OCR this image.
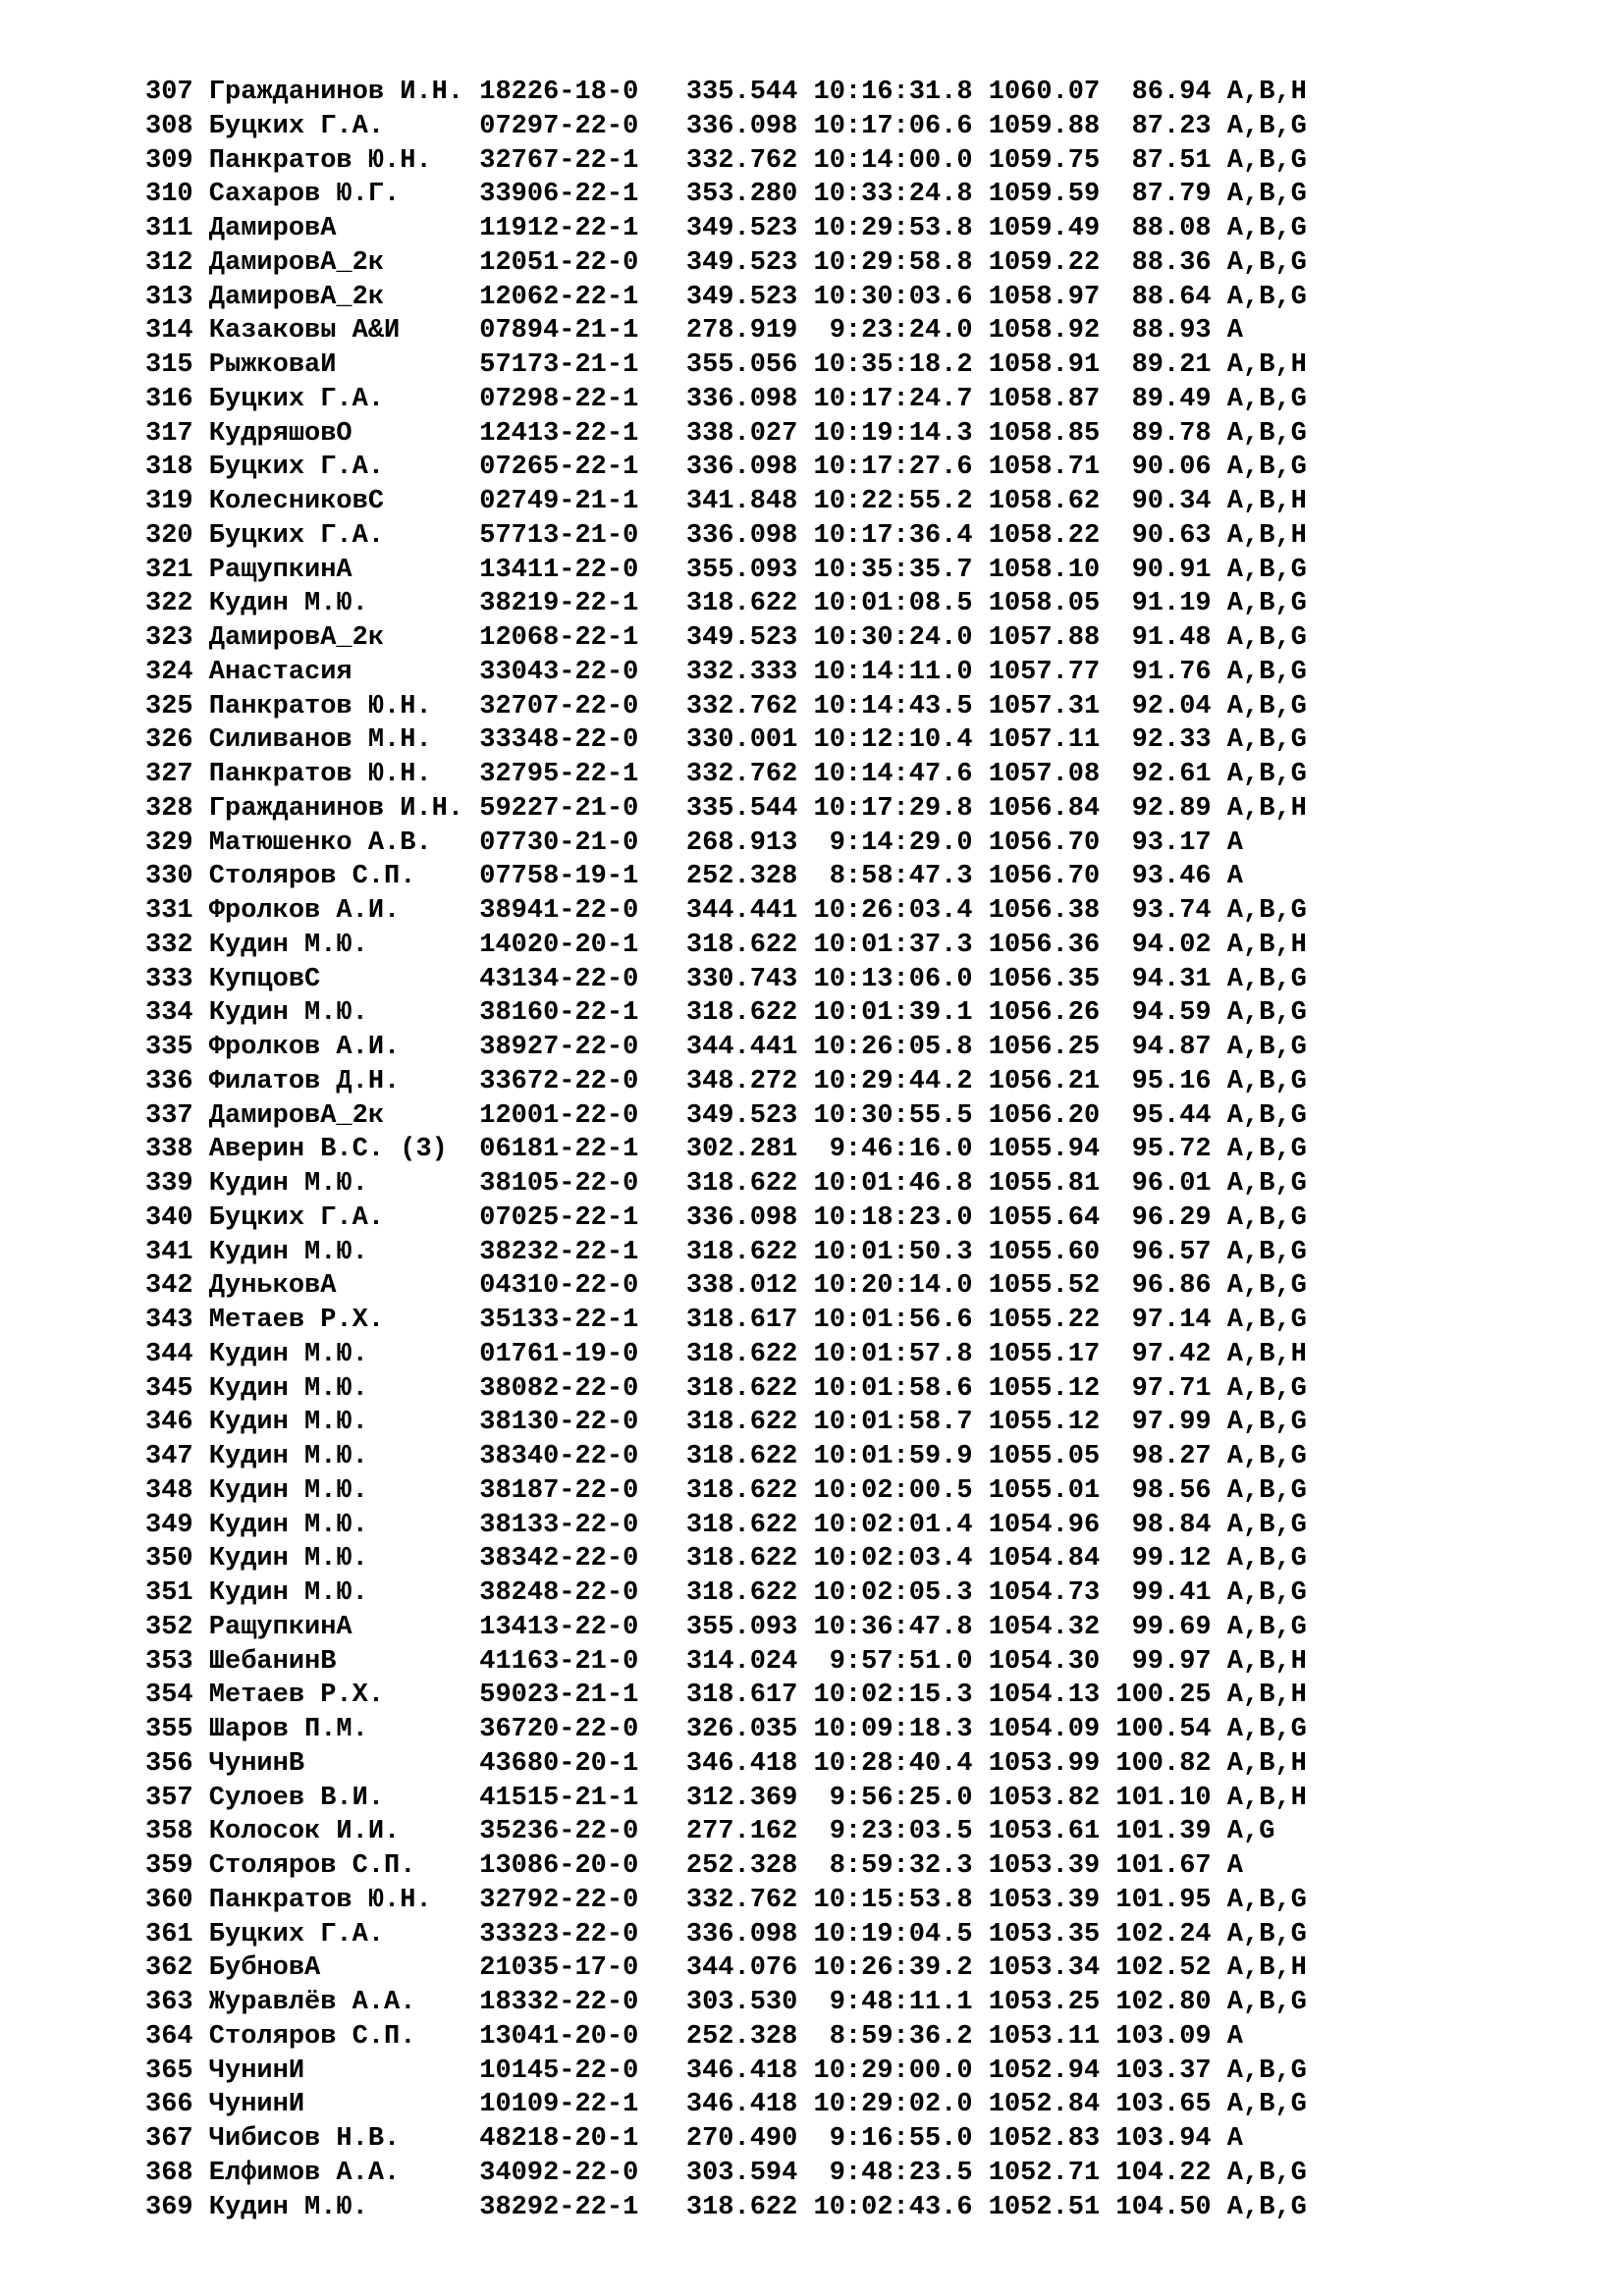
307 Гражданинов И.Н. 18226-18-0   335.544 10:16:31.8 1060.07  86.94 A,B,H
308 Буцких Г.А.      07297-22-0   336.098 10:17:06.6 1059.88  87.23 A,B,G
309 Панкратов Ю.Н.   32767-22-1   332.762 10:14:00.0 1059.75  87.51 A,B,G
310 Сахаров Ю.Г.     33906-22-1   353.280 10:33:24.8 1059.59  87.79 A,B,G
311 ДамировА         11912-22-1   349.523 10:29:53.8 1059.49  88.08 A,B,G
312 ДамировА_2к      12051-22-0   349.523 10:29:58.8 1059.22  88.36 A,B,G
313 ДамировА_2к      12062-22-1   349.523 10:30:03.6 1058.97  88.64 A,B,G
314 Казаковы А&И     07894-21-1   278.919  9:23:24.0 1058.92  88.93 A
315 РыжковаИ         57173-21-1   355.056 10:35:18.2 1058.91  89.21 A,B,H
316 Буцких Г.А.      07298-22-1   336.098 10:17:24.7 1058.87  89.49 A,B,G
317 КудряшовО        12413-22-1   338.027 10:19:14.3 1058.85  89.78 A,B,G
318 Буцких Г.А.      07265-22-1   336.098 10:17:27.6 1058.71  90.06 A,B,G
319 КолесниковС      02749-21-1   341.848 10:22:55.2 1058.62  90.34 A,B,H
320 Буцких Г.А.      57713-21-0   336.098 10:17:36.4 1058.22  90.63 A,B,H
321 РащупкинА        13411-22-0   355.093 10:35:35.7 1058.10  90.91 A,B,G
322 Кудин М.Ю.       38219-22-1   318.622 10:01:08.5 1058.05  91.19 A,B,G
323 ДамировА_2к      12068-22-1   349.523 10:30:24.0 1057.88  91.48 A,B,G
324 Анастасия        33043-22-0   332.333 10:14:11.0 1057.77  91.76 A,B,G
325 Панкратов Ю.Н.   32707-22-0   332.762 10:14:43.5 1057.31  92.04 A,B,G
326 Силиванов М.Н.   33348-22-0   330.001 10:12:10.4 1057.11  92.33 A,B,G
327 Панкратов Ю.Н.   32795-22-1   332.762 10:14:47.6 1057.08  92.61 A,B,G
328 Гражданинов И.Н. 59227-21-0   335.544 10:17:29.8 1056.84  92.89 A,B,H
329 Матюшенко А.В.   07730-21-0   268.913  9:14:29.0 1056.70  93.17 A
330 Столяров С.П.    07758-19-1   252.328  8:58:47.3 1056.70  93.46 A
331 Фролков А.И.     38941-22-0   344.441 10:26:03.4 1056.38  93.74 A,B,G
332 Кудин М.Ю.       14020-20-1   318.622 10:01:37.3 1056.36  94.02 A,B,H
333 КупцовС          43134-22-0   330.743 10:13:06.0 1056.35  94.31 A,B,G
334 Кудин М.Ю.       38160-22-1   318.622 10:01:39.1 1056.26  94.59 A,B,G
335 Фролков А.И.     38927-22-0   344.441 10:26:05.8 1056.25  94.87 A,B,G
336 Филатов Д.Н.     33672-22-0   348.272 10:29:44.2 1056.21  95.16 A,B,G
337 ДамировА_2к      12001-22-0   349.523 10:30:55.5 1056.20  95.44 A,B,G
338 Аверин В.С. (3)  06181-22-1   302.281  9:46:16.0 1055.94  95.72 A,B,G
339 Кудин М.Ю.       38105-22-0   318.622 10:01:46.8 1055.81  96.01 A,B,G
340 Буцких Г.А.      07025-22-1   336.098 10:18:23.0 1055.64  96.29 A,B,G
341 Кудин М.Ю.       38232-22-1   318.622 10:01:50.3 1055.60  96.57 A,B,G
342 ДуньковА         04310-22-0   338.012 10:20:14.0 1055.52  96.86 A,B,G
343 Метаев Р.Х.      35133-22-1   318.617 10:01:56.6 1055.22  97.14 A,B,G
344 Кудин М.Ю.       01761-19-0   318.622 10:01:57.8 1055.17  97.42 A,B,H
345 Кудин М.Ю.       38082-22-0   318.622 10:01:58.6 1055.12  97.71 A,B,G
346 Кудин М.Ю.       38130-22-0   318.622 10:01:58.7 1055.12  97.99 A,B,G
347 Кудин М.Ю.       38340-22-0   318.622 10:01:59.9 1055.05  98.27 A,B,G
348 Кудин М.Ю.       38187-22-0   318.622 10:02:00.5 1055.01  98.56 A,B,G
349 Кудин М.Ю.       38133-22-0   318.622 10:02:01.4 1054.96  98.84 A,B,G
350 Кудин М.Ю.       38342-22-0   318.622 10:02:03.4 1054.84  99.12 A,B,G
351 Кудин М.Ю.       38248-22-0   318.622 10:02:05.3 1054.73  99.41 A,B,G
352 РащупкинА        13413-22-0   355.093 10:36:47.8 1054.32  99.69 A,B,G
353 ШебанинВ         41163-21-0   314.024  9:57:51.0 1054.30  99.97 A,B,H
354 Метаев Р.Х.      59023-21-1   318.617 10:02:15.3 1054.13 100.25 A,B,H
355 Шаров П.М.       36720-22-0   326.035 10:09:18.3 1054.09 100.54 A,B,G
356 ЧунинВ           43680-20-1   346.418 10:28:40.4 1053.99 100.82 A,B,H
357 Сулоев В.И.      41515-21-1   312.369  9:56:25.0 1053.82 101.10 A,B,H
358 Колосок И.И.     35236-22-0   277.162  9:23:03.5 1053.61 101.39 A,G
359 Столяров С.П.    13086-20-0   252.328  8:59:32.3 1053.39 101.67 A
360 Панкратов Ю.Н.   32792-22-0   332.762 10:15:53.8 1053.39 101.95 A,B,G
361 Буцких Г.А.      33323-22-0   336.098 10:19:04.5 1053.35 102.24 A,B,G
362 БубновА          21035-17-0   344.076 10:26:39.2 1053.34 102.52 A,B,H
363 Журавлёв А.А.    18332-22-0   303.530  9:48:11.1 1053.25 102.80 A,B,G
364 Столяров С.П.    13041-20-0   252.328  8:59:36.2 1053.11 103.09 A
365 ЧунинИ           10145-22-0   346.418 10:29:00.0 1052.94 103.37 A,B,G
366 ЧунинИ           10109-22-1   346.418 10:29:02.0 1052.84 103.65 A,B,G
367 Чибисов Н.В.     48218-20-1   270.490  9:16:55.0 1052.83 103.94 A
368 Елфимов А.А.     34092-22-0   303.594  9:48:23.5 1052.71 104.22 A,B,G
369 Кудин М.Ю.       38292-22-1   318.622 10:02:43.6 1052.51 104.50 A,B,G
